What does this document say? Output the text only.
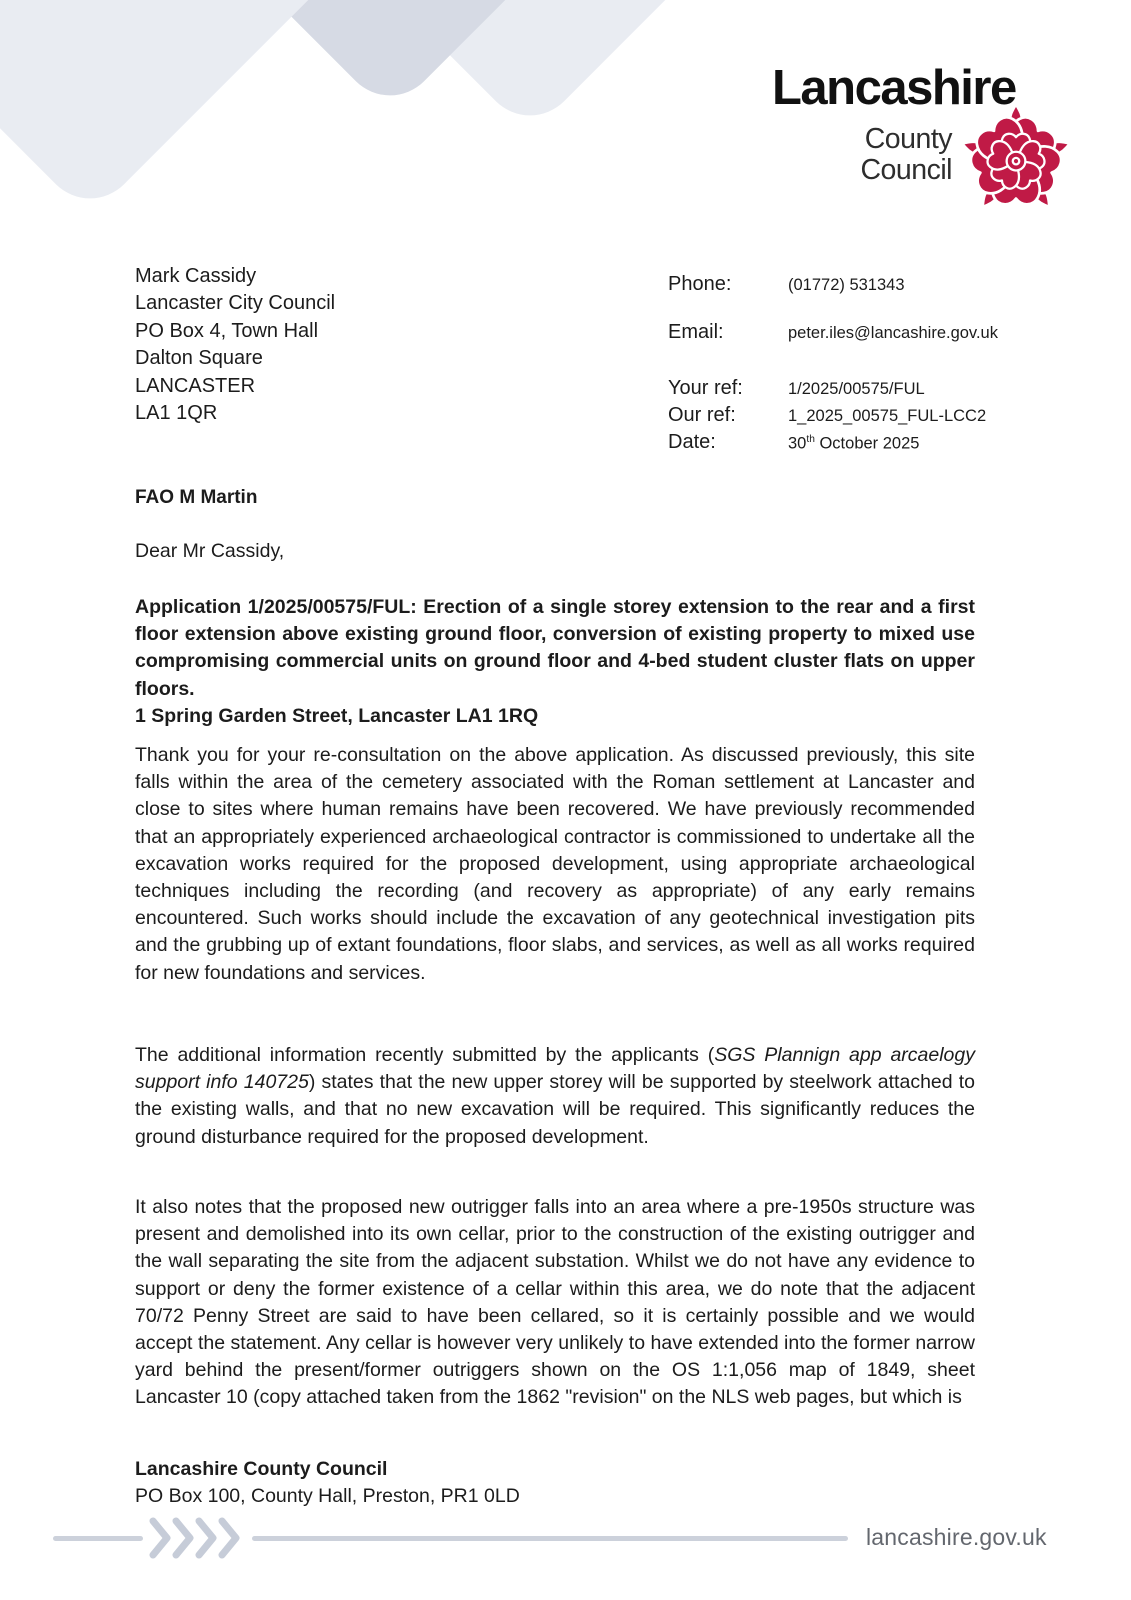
Lancashire
County
Council
Mark Cassidy
Lancaster City Council
PO Box 4, Town Hall
Dalton Square
LANCASTER
LA1 1QR
Phone:	(01772) 531343
Email:	peter.iles@lancashire.gov.uk
Your ref:	1/2025/00575/FUL
Our ref:	1_2025_00575_FUL-LCC2
Date:	30th October 2025
FAO M Martin
Dear Mr Cassidy,
Application 1/2025/00575/FUL: Erection of a single storey extension to the rear and a first floor extension above existing ground floor, conversion of existing property to mixed use compromising commercial units on ground floor and 4-bed student cluster flats on upper floors.
1 Spring Garden Street, Lancaster LA1 1RQ
Thank you for your re-consultation on the above application. As discussed previously, this site falls within the area of the cemetery associated with the Roman settlement at Lancaster and close to sites where human remains have been recovered. We have previously recommended that an appropriately experienced archaeological contractor is commissioned to undertake all the excavation works required for the proposed development, using appropriate archaeological techniques including the recording (and recovery as appropriate) of any early remains encountered. Such works should include the excavation of any geotechnical investigation pits and the grubbing up of extant foundations, floor slabs, and services, as well as all works required for new foundations and services.
The additional information recently submitted by the applicants (SGS Plannign app arcaelogy support info 140725) states that the new upper storey will be supported by steelwork attached to the existing walls, and that no new excavation will be required. This significantly reduces the ground disturbance required for the proposed development.
It also notes that the proposed new outrigger falls into an area where a pre-1950s structure was present and demolished into its own cellar, prior to the construction of the existing outrigger and the wall separating the site from the adjacent substation. Whilst we do not have any evidence to support or deny the former existence of a cellar within this area, we do note that the adjacent 70/72 Penny Street are said to have been cellared, so it is certainly possible and we would accept the statement. Any cellar is however very unlikely to have extended into the former narrow yard behind the present/former outriggers shown on the OS 1:1,056 map of 1849, sheet Lancaster 10 (copy attached taken from the 1862 "revision" on the NLS web pages, but which is
Lancashire County Council
PO Box 100, County Hall, Preston, PR1 0LD
lancashire.gov.uk
